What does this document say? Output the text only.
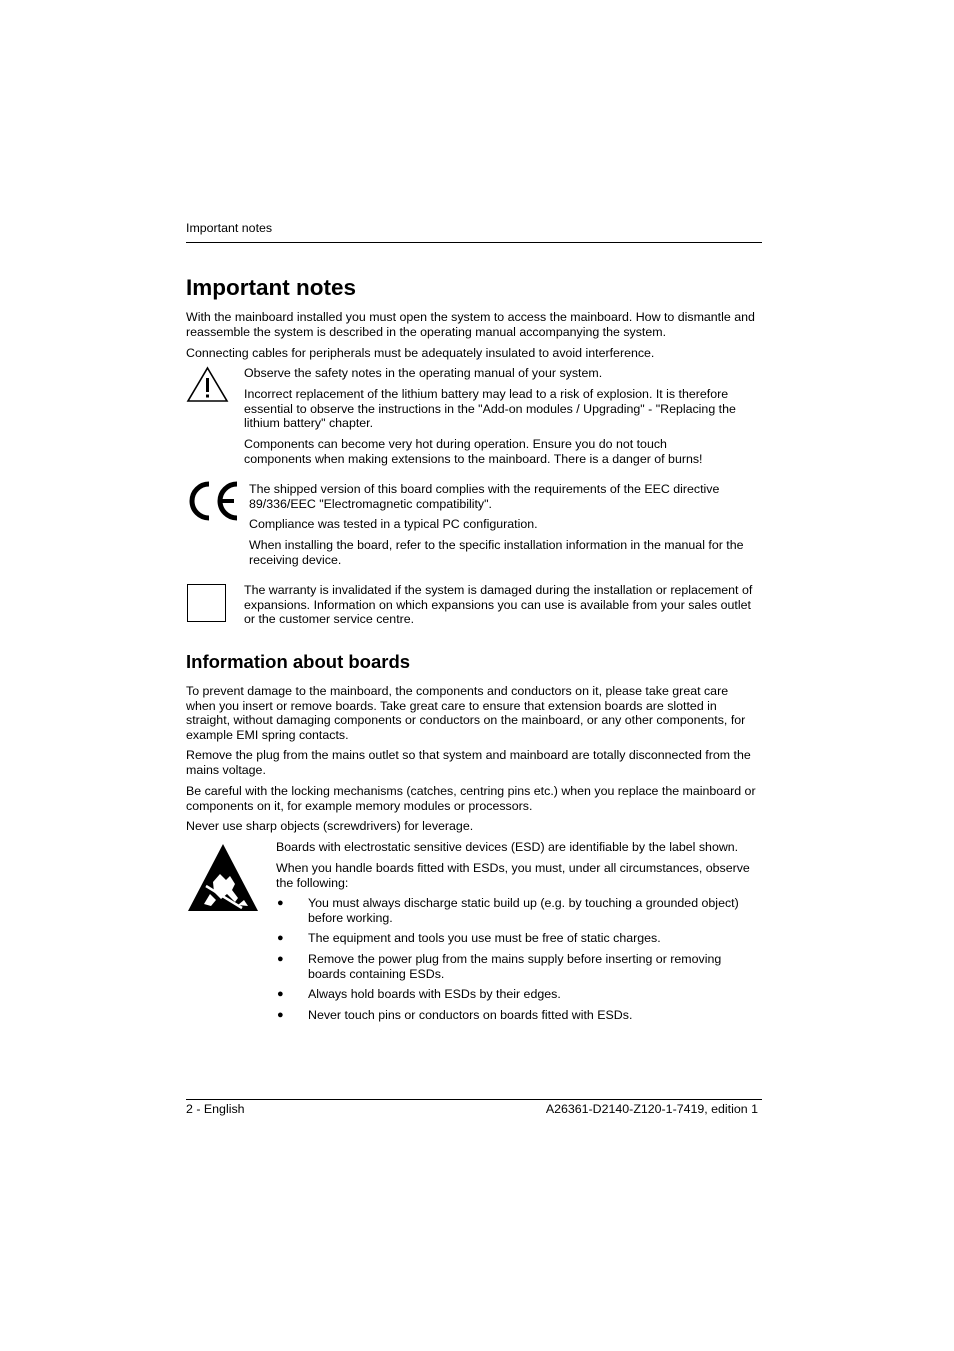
Important notes
Important notes

With the mainboard installed you must open the system to access the mainboard. How to dismantle and reassemble the system is described in the operating manual accompanying the system.

Connecting cables for peripherals must be adequately insulated to avoid interference.

Observe the safety notes in the operating manual of your system.

Incorrect replacement of the lithium battery may lead to a risk of explosion. It is therefore essential to observe the instructions in the "Add-on modules / Upgrading" - "Replacing the lithium battery" chapter.

Components can become very hot during operation. Ensure you do not touch components when making extensions to the mainboard. There is a danger of burns!

The shipped version of this board complies with the requirements of the EEC directive 89/336/EEC "Electromagnetic compatibility".

Compliance was tested in a typical PC configuration.

When installing the board, refer to the specific installation information in the manual for the receiving device.

The warranty is invalidated if the system is damaged during the installation or replacement of expansions. Information on which expansions you can use is available from your sales outlet or the customer service centre.

Information about boards

To prevent damage to the mainboard, the components and conductors on it, please take great care when you insert or remove boards. Take great care to ensure that extension boards are slotted in straight, without damaging components or conductors on the mainboard, or any other components, for example EMI spring contacts.

Remove the plug from the mains outlet so that system and mainboard are totally disconnected from the mains voltage.

Be careful with the locking mechanisms (catches, centring pins etc.) when you replace the mainboard or components on it, for example memory modules or processors.

Never use sharp objects (screwdrivers) for leverage.

Boards with electrostatic sensitive devices (ESD) are identifiable by the label shown.

When you handle boards fitted with ESDs, you must, under all circumstances, observe the following:

● You must always discharge static build up (e.g. by touching a grounded object) before working.

● The equipment and tools you use must be free of static charges.

● Remove the power plug from the mains supply before inserting or removing boards containing ESDs.

● Always hold boards with ESDs by their edges.

● Never touch pins or conductors on boards fitted with ESDs.

2 - English	A26361-D2140-Z120-1-7419, edition 1
